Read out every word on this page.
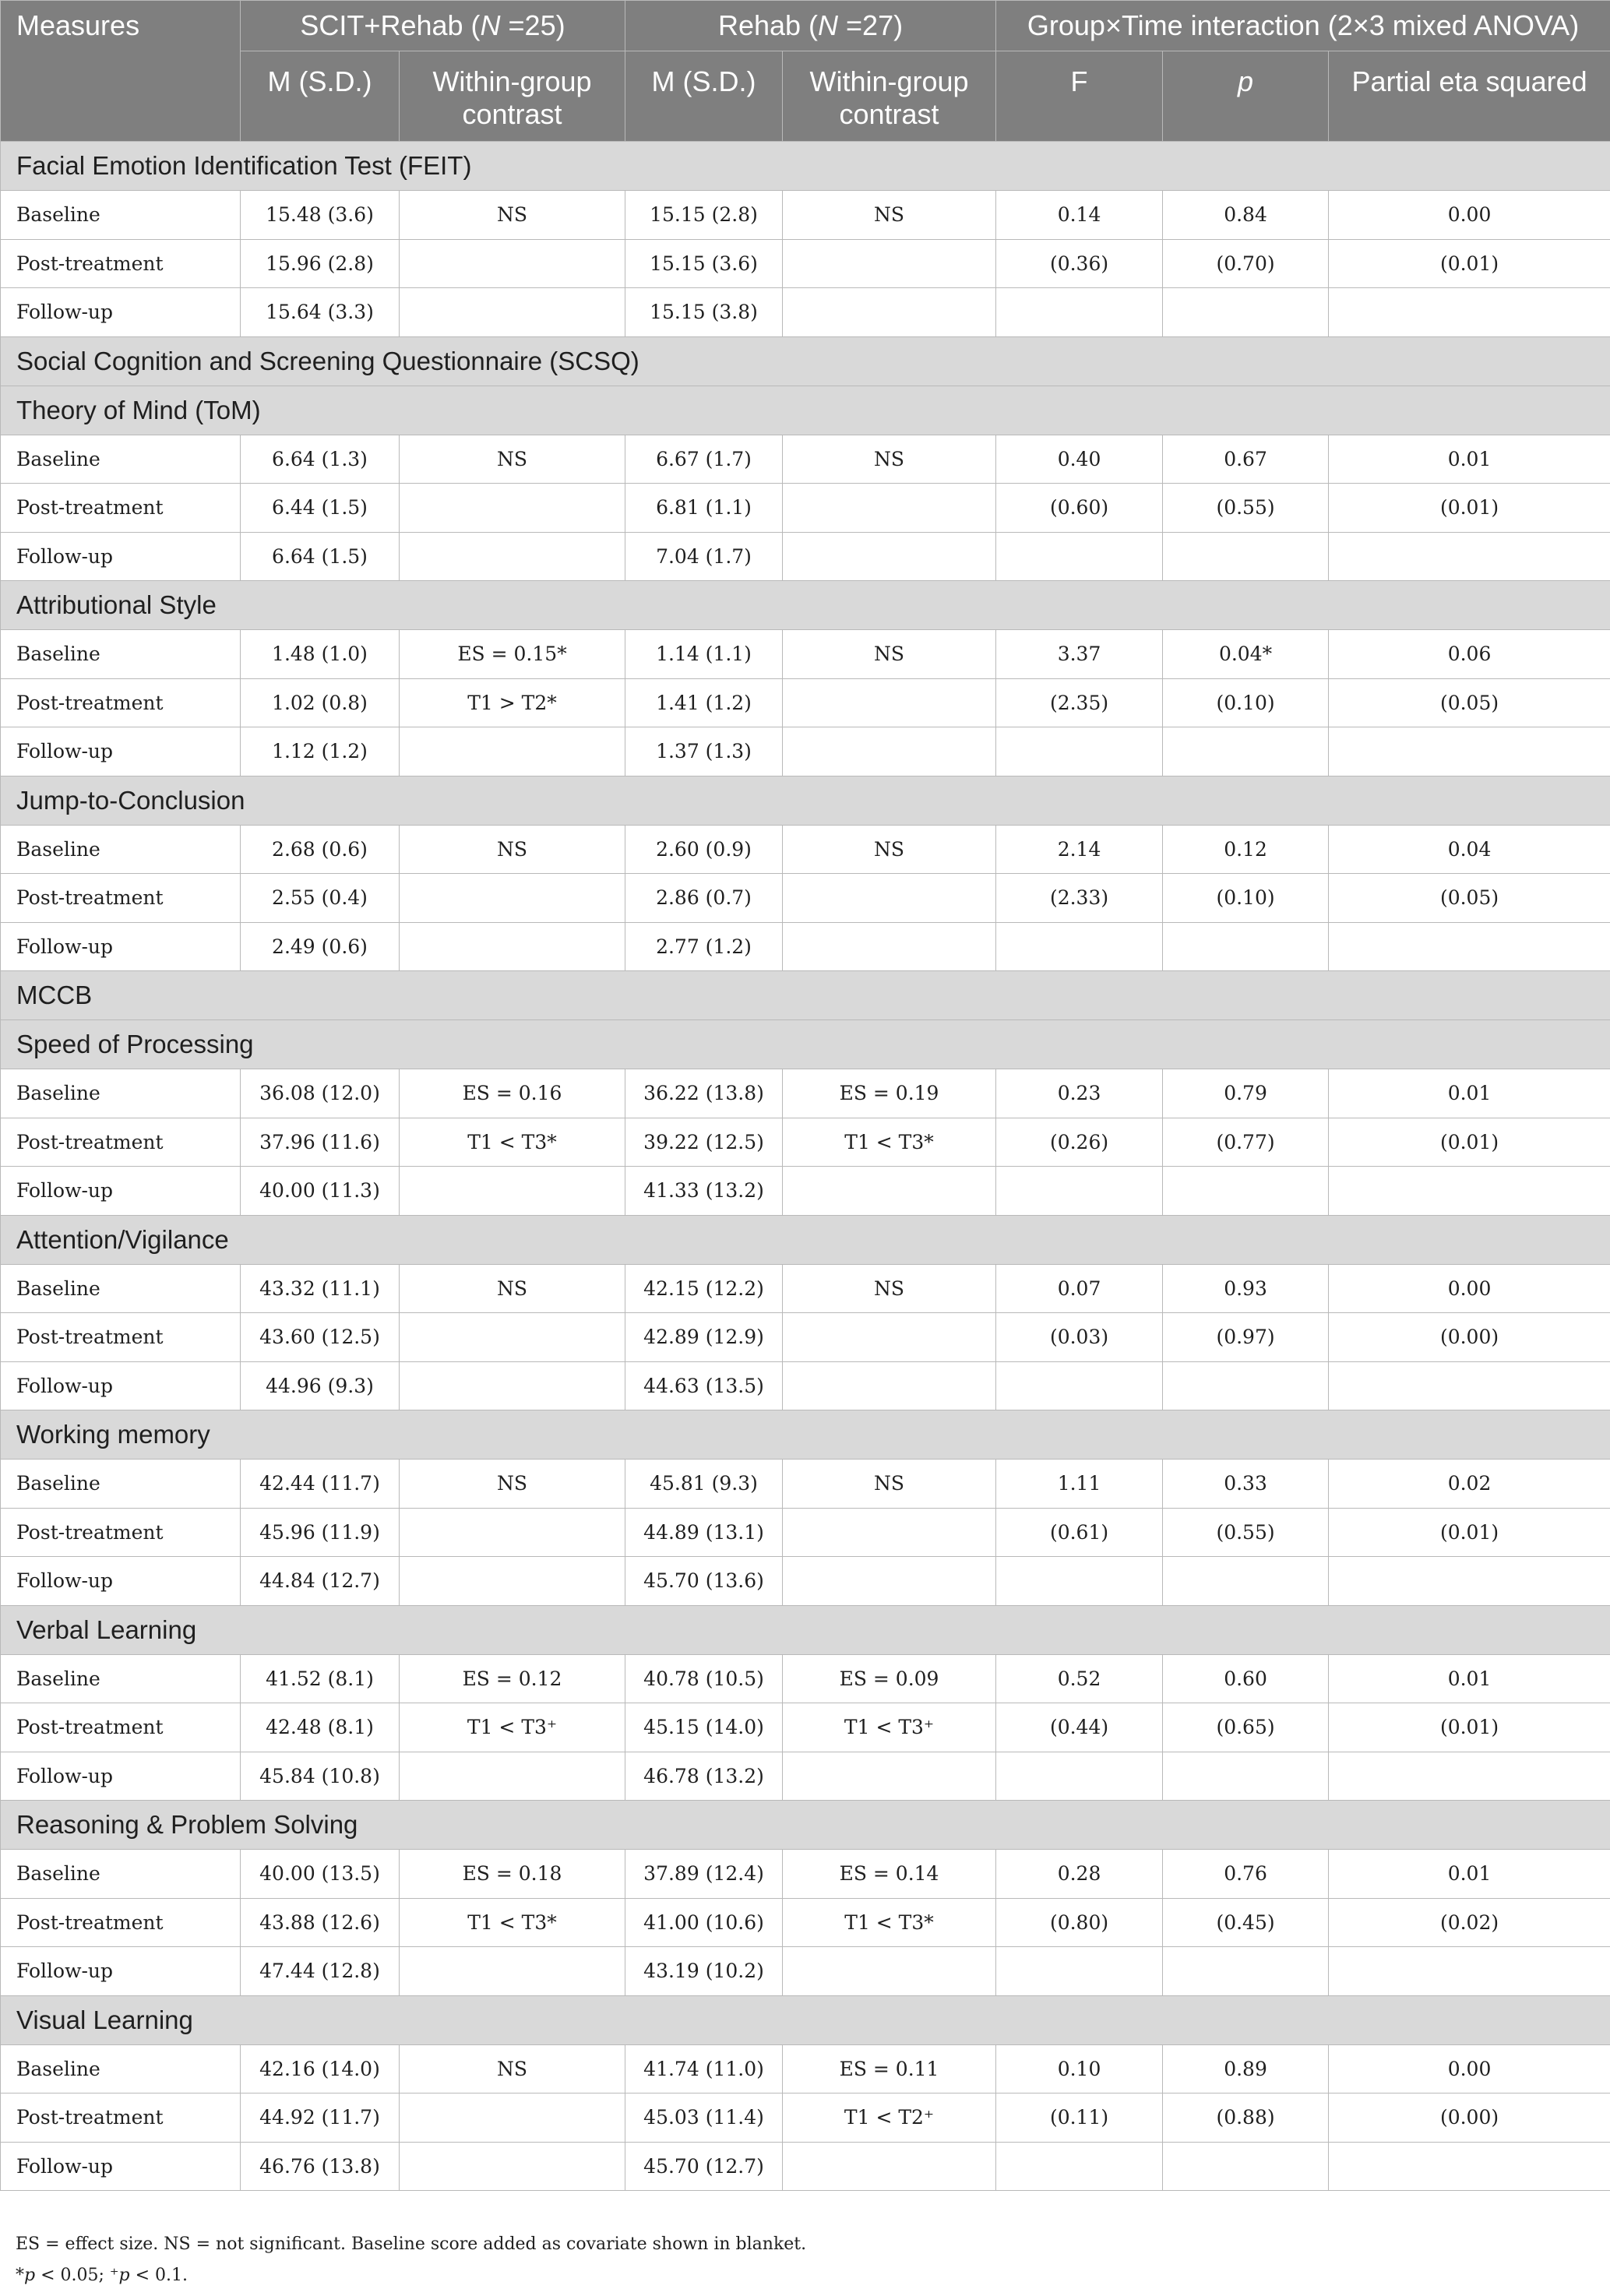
Measures	SCIT+Rehab (N =25)		Rehab (N =27)		Group×Time interaction (2×3 mixed ANOVA)		
	M (S.D.)	Within-group contrast	M (S.D.)	Within-group contrast	F	p	Partial eta squared
Facial Emotion Identification Test (FEIT)							
Baseline	15.48 (3.6)	NS	15.15 (2.8)	NS	0.14	0.84	0.00
Post-treatment	15.96 (2.8)		15.15 (3.6)		(0.36)	(0.70)	(0.01)
Follow-up	15.64 (3.3)		15.15 (3.8)				
Social Cognition and Screening Questionnaire (SCSQ)							
Theory of Mind (ToM)							
Baseline	6.64 (1.3)	NS	6.67 (1.7)	NS	0.40	0.67	0.01
Post-treatment	6.44 (1.5)		6.81 (1.1)		(0.60)	(0.55)	(0.01)
Follow-up	6.64 (1.5)		7.04 (1.7)				
Attributional Style							
Baseline	1.48 (1.0)	ES = 0.15*	1.14 (1.1)	NS	3.37	0.04*	0.06
Post-treatment	1.02 (0.8)	T1 > T2*	1.41 (1.2)		(2.35)	(0.10)	(0.05)
Follow-up	1.12 (1.2)		1.37 (1.3)				
Jump-to-Conclusion							
Baseline	2.68 (0.6)	NS	2.60 (0.9)	NS	2.14	0.12	0.04
Post-treatment	2.55 (0.4)		2.86 (0.7)		(2.33)	(0.10)	(0.05)
Follow-up	2.49 (0.6)		2.77 (1.2)				
MCCB							
Speed of Processing							
Baseline	36.08 (12.0)	ES = 0.16	36.22 (13.8)	ES = 0.19	0.23	0.79	0.01
Post-treatment	37.96 (11.6)	T1 < T3*	39.22 (12.5)	T1 < T3*	(0.26)	(0.77)	(0.01)
Follow-up	40.00 (11.3)		41.33 (13.2)				
Attention/Vigilance							
Baseline	43.32 (11.1)	NS	42.15 (12.2)	NS	0.07	0.93	0.00
Post-treatment	43.60 (12.5)		42.89 (12.9)		(0.03)	(0.97)	(0.00)
Follow-up	44.96 (9.3)		44.63 (13.5)				
Working memory							
Baseline	42.44 (11.7)	NS	45.81 (9.3)	NS	1.11	0.33	0.02
Post-treatment	45.96 (11.9)		44.89 (13.1)		(0.61)	(0.55)	(0.01)
Follow-up	44.84 (12.7)		45.70 (13.6)				
Verbal Learning							
Baseline	41.52 (8.1)	ES = 0.12	40.78 (10.5)	ES = 0.09	0.52	0.60	0.01
Post-treatment	42.48 (8.1)	T1 < T3⁺	45.15 (14.0)	T1 < T3⁺	(0.44)	(0.65)	(0.01)
Follow-up	45.84 (10.8)		46.78 (13.2)				
Reasoning & Problem Solving							
Baseline	40.00 (13.5)	ES = 0.18	37.89 (12.4)	ES = 0.14	0.28	0.76	0.01
Post-treatment	43.88 (12.6)	T1 < T3*	41.00 (10.6)	T1 < T3*	(0.80)	(0.45)	(0.02)
Follow-up	47.44 (12.8)		43.19 (10.2)				
Visual Learning							
Baseline	42.16 (14.0)	NS	41.74 (11.0)	ES = 0.11	0.10	0.89	0.00
Post-treatment	44.92 (11.7)		45.03 (11.4)	T1 < T2⁺	(0.11)	(0.88)	(0.00)
Follow-up	46.76 (13.8)		45.70 (12.7)				

ES = effect size. NS = not significant. Baseline score added as covariate shown in blanket.

*p < 0.05; ⁺p < 0.1.
